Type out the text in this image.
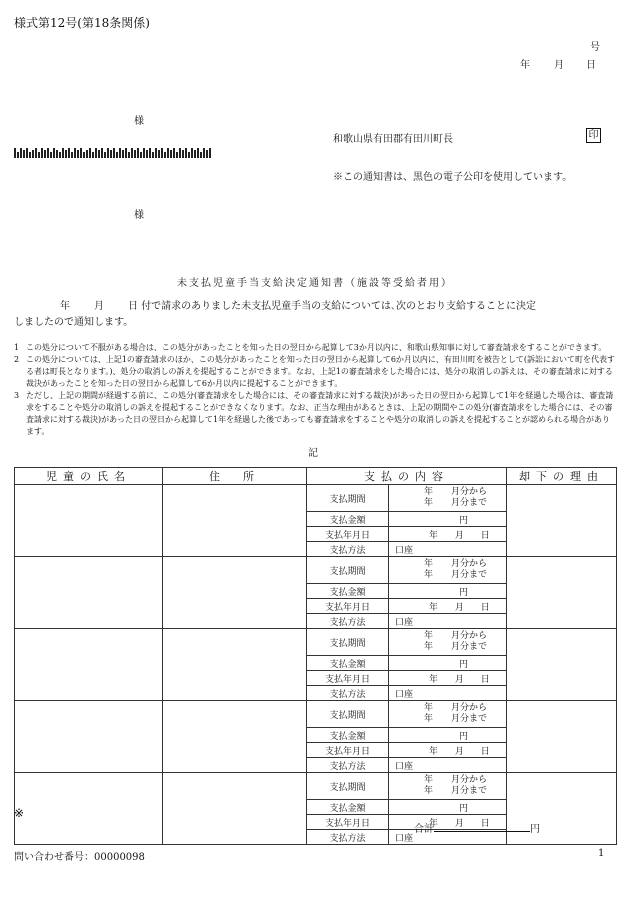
様式第12号(第18条関係)
号
年 月 日
様
和歌山県有田郡有田川町長	印
※この通知書は、黒色の電子公印を使用しています。
様
未支払児童手当支給決定通知書（施設等受給者用）
年 月 日 付で請求のありました未支払児童手当の支給については､次のとおり支給することに決定
しましたので通知します。
1 この処分について不服がある場合は、この処分があったことを知った日の翌日から起算して3か月以内に、和歌山県知事に対して審査請求をすることができます。
2 この処分については、上記1の審査請求のほか、この処分があったことを知った日の翌日から起算して6か月以内に、有田川町を被告として(訴訟において町を代表する者は町長となります。)、処分の取消しの訴えを提起することができます。なお、上記1の審査請求をした場合には、処分の取消しの訴えは、その審査請求に対する裁決があったことを知った日の翌日から起算して6か月以内に提起することができます。
3 ただし、上記の期間が経過する前に、この処分(審査請求をした場合には、その審査請求に対する裁決)があった日の翌日から起算して1年を経過した場合は、審査請求をすることや処分の取消しの訴えを提起することができなくなります。なお、正当な理由があるときは、上記の期間やこの処分(審査請求をした場合には、その審査請求に対する裁決)があった日の翌日から起算して1年を経過した後であっても審査請求をすることや処分の取消しの訴えを提起することが認められる場合があります。
記
児童の氏名	住　所	支払の内容		却下の理由
		支払期間	年　　月分から
年　　月分まで	

		支払金額	円	
		支払年月日	年 月 日	
		支払方法	口座	
		支払期間	年　　月分から
年　　月分まで	

		支払金額	円	
		支払年月日	年 月 日	
		支払方法	口座	
		支払期間	年　　月分から
年　　月分まで	

		支払金額	円	
		支払年月日	年 月 日	
		支払方法	口座	
		支払期間	年　　月分から
年　　月分まで	

		支払金額	円	
		支払年月日	年 月 日	
		支払方法	口座	
		支払期間	年　　月分から
年　　月分まで	

		支払金額	円	
		支払年月日	年 月 日	
		支払方法	口座	
※
合計	円
問い合わせ番号：00000098	1
